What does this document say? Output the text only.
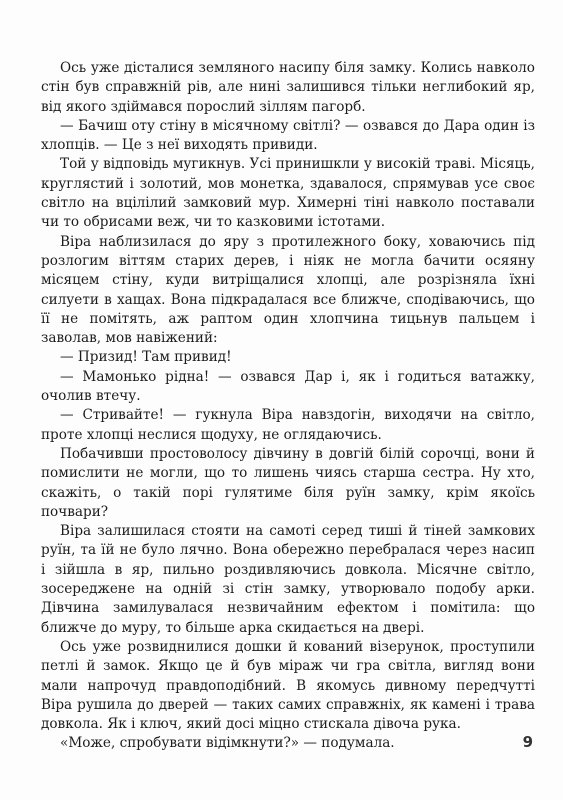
Ось уже дісталися земляного насипу біля замку. Колись навколо стін був справжній рів, але нині залишився тільки неглибокий яр, від якого здіймався порослий зіллям пагорб.

— Бачиш оту стіну в місячному світлі? — озвався до Дара один із хлопців. — Це з неї виходять привиди.

Той у відповідь мугикнув. Усі принишкли у високій траві. Місяць, круглястий і золотий, мов монетка, здавалося, спрямував усе своє світло на вцілілий замковий мур. Химерні тіні навколо поставали чи то обрисами веж, чи то казковими істотами.

Віра наблизилася до яру з протилежного боку, ховаючись під розлогим віттям старих дерев, і ніяк не могла бачити осяяну місяцем стіну, куди витріщалися хлопці, але розрізняла їхні силуети в хащах. Вона підкрадалася все ближче, сподіваючись, що її не помітять, аж раптом один хлопчина тицьнув пальцем і заволав, мов навіжений:

— Призид! Там привид!

— Мамонько рідна! — озвався Дар і, як і годиться ватажку, очолив втечу.

— Стривайте! — гукнула Віра навздогін, виходячи на світло, проте хлопці неслися щодуху, не оглядаючись.

Побачивши простоволосу дівчину в довгій білій сорочці, вони й помислити не могли, що то лишень чиясь старша сестра. Ну хто, скажіть, о такій порі гулятиме біля руїн замку, крім якоїсь почвари?

Віра залишилася стояти на самоті серед тиші й тіней замкових руїн, та їй не було лячно. Вона обережно перебралася через насип і зійшла в яр, пильно роздивляючись довкола. Місячне світло, зосереджене на одній зі стін замку, утворювало подобу арки. Дівчина замилувалася незвичайним ефектом і помітила: що ближче до муру, то більше арка скидається на двері.

Ось уже розвиднилися дошки й кований візерунок, проступили петлі й замок. Якщо це й був міраж чи гра світла, вигляд вони мали напрочуд правдоподібний. В якомусь дивному передчутті Віра рушила до дверей — таких самих справжніх, як камені і трава довкола. Як і ключ, який досі міцно стискала дівоча рука.

«Може, спробувати відімкнути?» — подумала.	9
